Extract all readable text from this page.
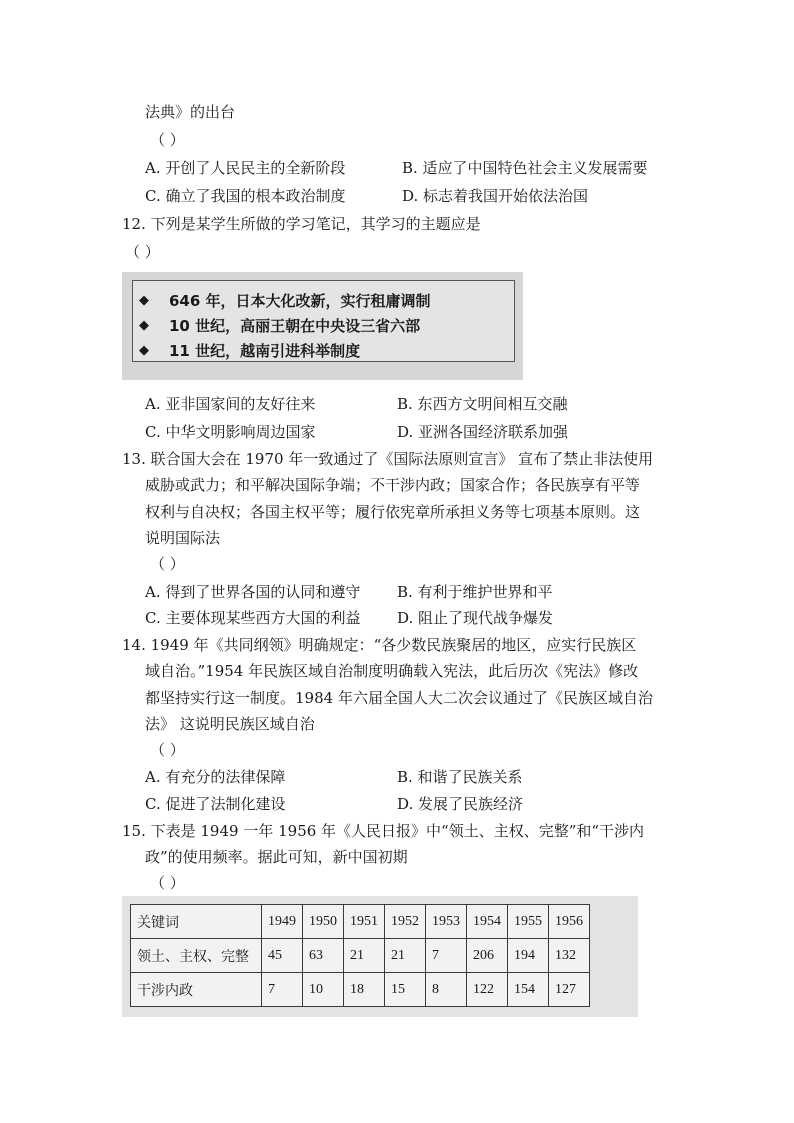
法典》的出台
（ ）
A. 开创了人民民主的全新阶段	B. 适应了中国特色社会主义发展需要
C. 确立了我国的根本政治制度	D. 标志着我国开始依法治国
12. 下列是某学生所做的学习笔记，其学习的主题应是
（ ）
◆ 646 年，日本大化改新，实行租庸调制
◆ 10 世纪，高丽王朝在中央设三省六部
◆ 11 世纪，越南引进科举制度
A. 亚非国家间的友好往来	B. 东西方文明间相互交融
C. 中华文明影响周边国家	D. 亚洲各国经济联系加强
13. 联合国大会在 1970 年一致通过了《国际法原则宣言》 宣布了禁止非法使用
威胁或武力；和平解决国际争端；不干涉内政；国家合作；各民族享有平等
权利与自决权；各国主权平等；履行依宪章所承担义务等七项基本原则。这
说明国际法
（ ）
A. 得到了世界各国的认同和遵守 B. 有利于维护世界和平
C. 主要体现某些西方大国的利益 D. 阻止了现代战争爆发
14. 1949 年《共同纲领》明确规定：“各少数民族聚居的地区，应实行民族区
域自治。”1954 年民族区域自治制度明确载入宪法，此后历次《宪法》修改
都坚持实行这一制度。1984 年六届全国人大二次会议通过了《民族区域自治
法》 这说明民族区域自治
（ ）
A. 有充分的法律保障	B. 和谐了民族关系
C. 促进了法制化建设	D. 发展了民族经济
15. 下表是 1949 一年 1956 年《人民日报》中“领土、主权、完整”和“干涉内
政”的使用频率。据此可知，新中国初期
（ ）
关键词	1949	1950	1951	1952	1953	1954	1955	1956
领土、主权、完整	45	63	21	21	7	206	194	132
干涉内政	7	10	18	15	8	122	154	127
